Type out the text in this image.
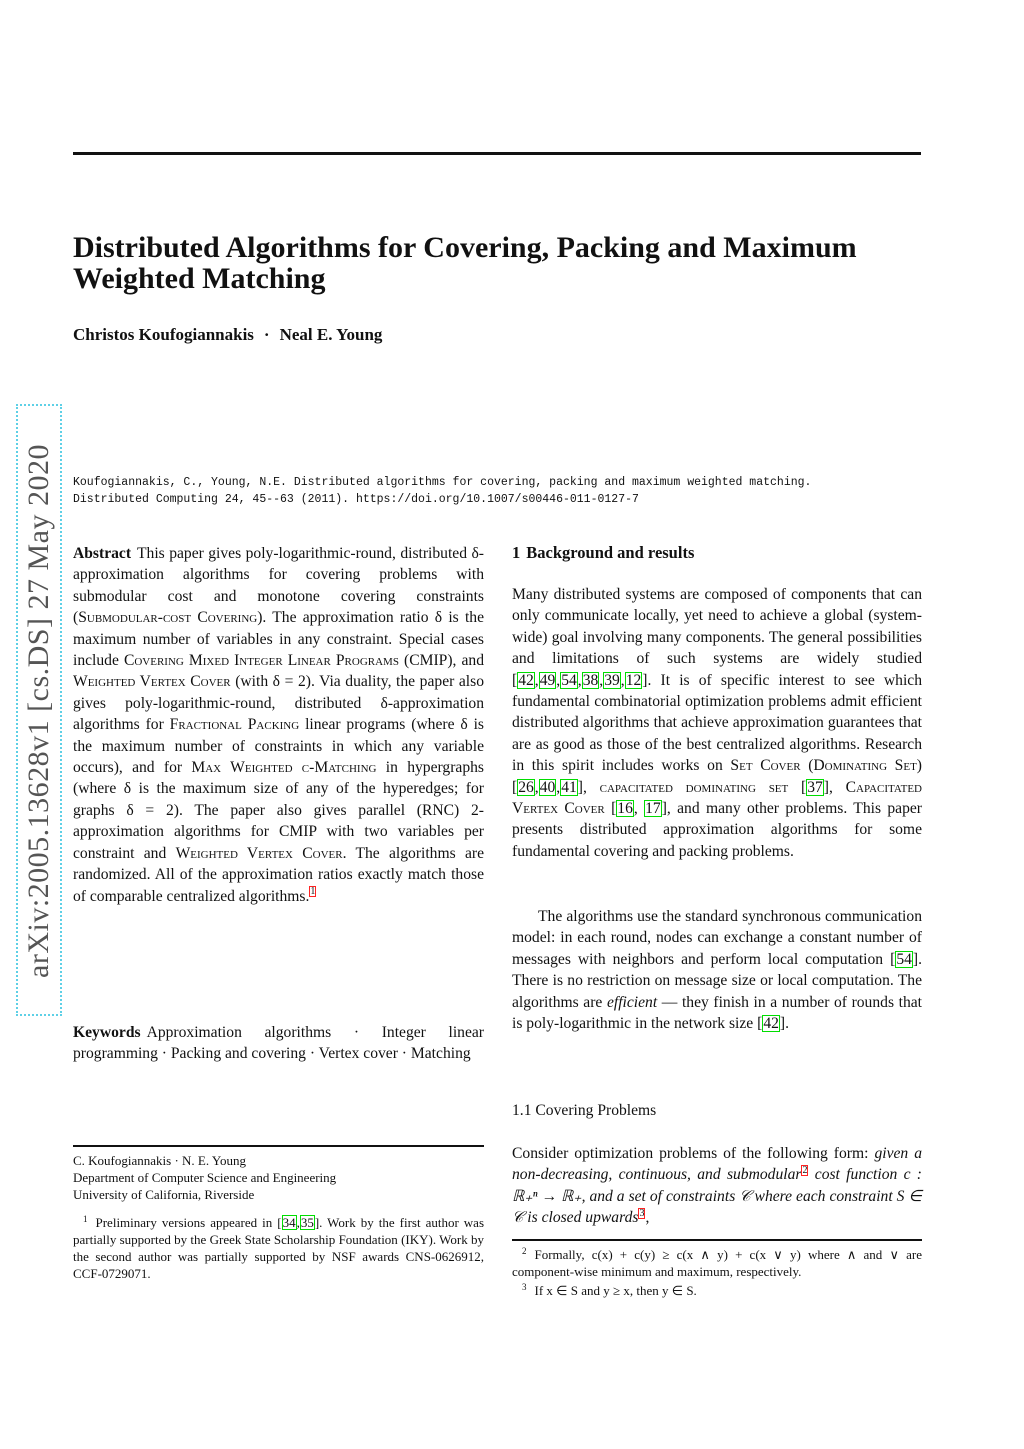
Distributed Algorithms for Covering, Packing and Maximum Weighted Matching
Christos Koufogiannakis · Neal E. Young
arXiv:2005.13628v1 [cs.DS] 27 May 2020 Koufogiannakis, C., Young, N.E. Distributed algorithms for covering, packing and maximum weighted matching.
Distributed Computing 24, 45--63 (2011). https://doi.org/10.1007/s00446-011-0127-7
Abstract This paper gives poly-logarithmic-round, distributed δ-approximation algorithms for covering problems with submodular cost and monotone covering constraints (Submodular-cost Covering). The approximation ratio δ is the maximum number of variables in any constraint. Special cases include Covering Mixed Integer Linear Programs (CMIP), and Weighted Vertex Cover (with δ = 2). Via duality, the paper also gives poly-logarithmic-round, distributed δ-approximation algorithms for Fractional Packing linear programs (where δ is the maximum number of constraints in which any variable occurs), and for Max Weighted c-Matching in hypergraphs (where δ is the maximum size of any of the hyperedges; for graphs δ = 2). The paper also gives parallel (RNC) 2-approximation algorithms for CMIP with two variables per constraint and Weighted Vertex Cover. The algorithms are randomized. All of the approximation ratios exactly match those of comparable centralized algorithms.$^1$
Keywords Approximation algorithms · Integer linear programming · Packing and covering · Vertex cover · Matching
C. Koufogiannakis · N. E. Young
Department of Computer Science and Engineering
University of California, Riverside
$^1$ Preliminary versions appeared in [34,35]. Work by the first author was partially supported by the Greek State Scholarship Foundation (IKY). Work by the second author was partially supported by NSF awards CNS-0626912, CCF-0729071.
1 Background and results
Many distributed systems are composed of components that can only communicate locally, yet need to achieve a global (system-wide) goal involving many components. The general possibilities and limitations of such systems are widely studied [42,49,54,38,39,12]. It is of specific interest to see which fundamental combinatorial optimization problems admit efficient distributed algorithms that achieve approximation guarantees that are as good as those of the best centralized algorithms. Research in this spirit includes works on Set Cover (Dominating Set) [26,40,41], capacitated dominating set [37], Capacitated Vertex Cover [16, 17], and many other problems. This paper presents distributed approximation algorithms for some fundamental covering and packing problems.
The algorithms use the standard synchronous communication model: in each round, nodes can exchange a constant number of messages with neighbors and perform local computation [54]. There is no restriction on message size or local computation. The algorithms are efficient — they finish in a number of rounds that is poly-logarithmic in the network size [42].
1.1 Covering Problems
Consider optimization problems of the following form: given a non-decreasing, continuous, and submodular$^2$ cost function c : ℝ₊ⁿ → ℝ₊, and a set of constraints 𝒞 where each constraint S ∈ 𝒞 is closed upwards$^3$,
$^2$ Formally, c(x) + c(y) ≥ c(x ∧ y) + c(x ∨ y) where ∧ and ∨ are component-wise minimum and maximum, respectively.
$^3$ If x ∈ S and y ≥ x, then y ∈ S.
